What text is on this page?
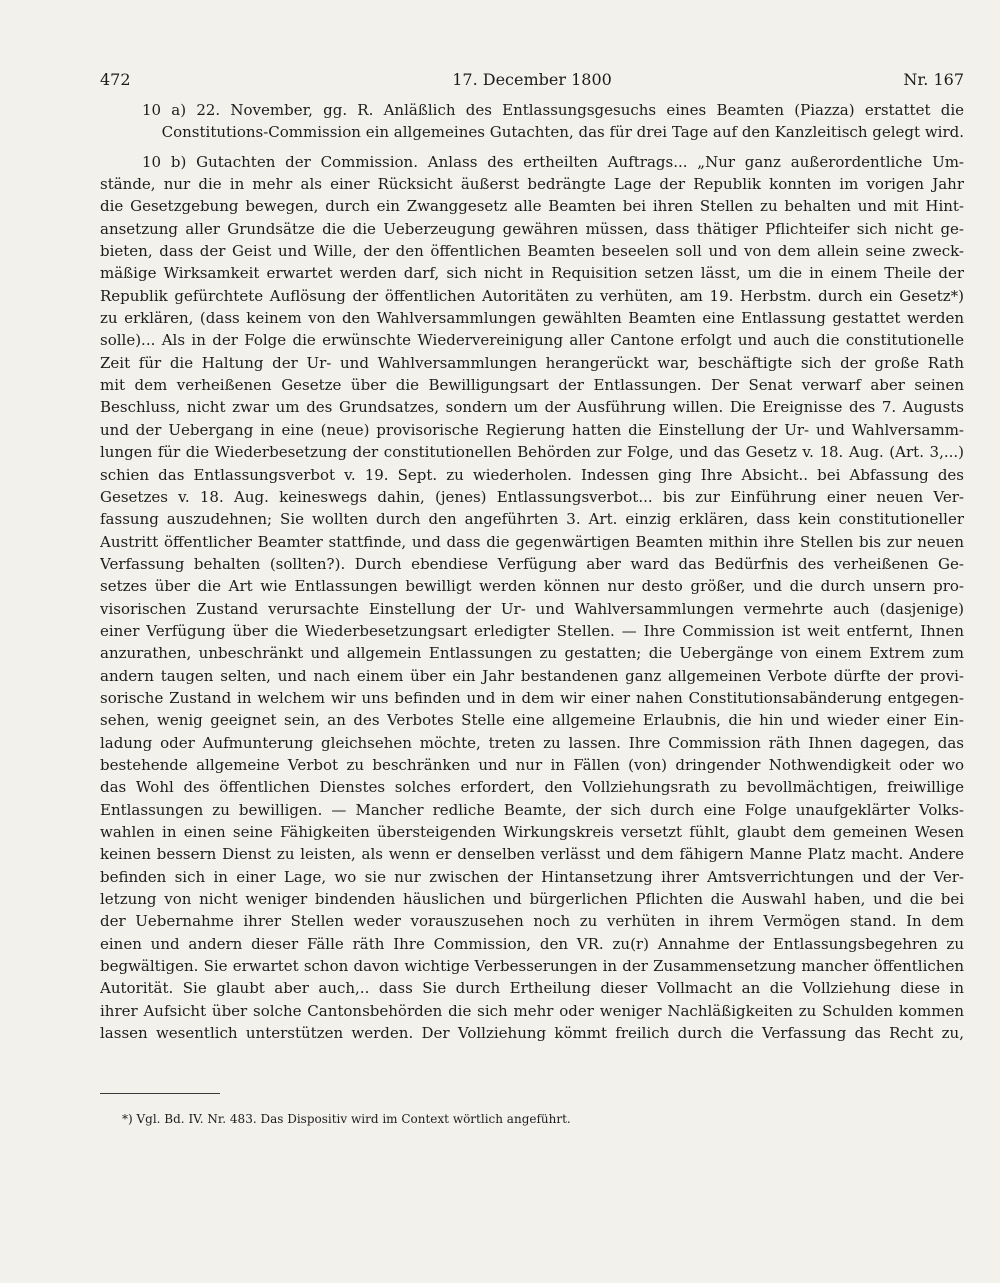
472	17. December 1800	Nr. 167
10 a) 22. November, gg. R. Anläßlich des Entlassungsgesuchs eines Beamten (Piazza) erstattet die
Constitutions-Commission ein allgemeines Gutachten, das für drei Tage auf den Kanzleitisch gelegt wird.
10 b) Gutachten der Commission. Anlass des ertheilten Auftrags... „Nur ganz außerordentliche Um-
stände, nur die in mehr als einer Rücksicht äußerst bedrängte Lage der Republik konnten im vorigen Jahr
die Gesetzgebung bewegen, durch ein Zwanggesetz alle Beamten bei ihren Stellen zu behalten und mit Hint-
ansetzung aller Grundsätze die die Ueberzeugung gewähren müssen, dass thätiger Pflichteifer sich nicht ge-
bieten, dass der Geist und Wille, der den öffentlichen Beamten beseelen soll und von dem allein seine zweck-
mäßige Wirksamkeit erwartet werden darf, sich nicht in Requisition setzen lässt, um die in einem Theile der
Republik gefürchtete Auflösung der öffentlichen Autoritäten zu verhüten, am 19. Herbstm. durch ein Gesetz*)
zu erklären, (dass keinem von den Wahlversammlungen gewählten Beamten eine Entlassung gestattet werden
solle)... Als in der Folge die erwünschte Wiedervereinigung aller Cantone erfolgt und auch die constitutionelle
Zeit für die Haltung der Ur- und Wahlversammlungen herangerückt war, beschäftigte sich der große Rath
mit dem verheißenen Gesetze über die Bewilligungsart der Entlassungen. Der Senat verwarf aber seinen
Beschluss, nicht zwar um des Grundsatzes, sondern um der Ausführung willen. Die Ereignisse des 7. Augusts
und der Uebergang in eine (neue) provisorische Regierung hatten die Einstellung der Ur- und Wahlversamm-
lungen für die Wiederbesetzung der constitutionellen Behörden zur Folge, und das Gesetz v. 18. Aug. (Art. 3,...)
schien das Entlassungsverbot v. 19. Sept. zu wiederholen. Indessen ging Ihre Absicht.. bei Abfassung des
Gesetzes v. 18. Aug. keineswegs dahin, (jenes) Entlassungsverbot... bis zur Einführung einer neuen Ver-
fassung auszudehnen; Sie wollten durch den angeführten 3. Art. einzig erklären, dass kein constitutioneller
Austritt öffentlicher Beamter stattfinde, und dass die gegenwärtigen Beamten mithin ihre Stellen bis zur neuen
Verfassung behalten (sollten?). Durch ebendiese Verfügung aber ward das Bedürfnis des verheißenen Ge-
setzes über die Art wie Entlassungen bewilligt werden können nur desto größer, und die durch unsern pro-
visorischen Zustand verursachte Einstellung der Ur- und Wahlversammlungen vermehrte auch (dasjenige)
einer Verfügung über die Wiederbesetzungsart erledigter Stellen. — Ihre Commission ist weit entfernt, Ihnen
anzurathen, unbeschränkt und allgemein Entlassungen zu gestatten; die Uebergänge von einem Extrem zum
andern taugen selten, und nach einem über ein Jahr bestandenen ganz allgemeinen Verbote dürfte der provi-
sorische Zustand in welchem wir uns befinden und in dem wir einer nahen Constitutionsabänderung entgegen-
sehen, wenig geeignet sein, an des Verbotes Stelle eine allgemeine Erlaubnis, die hin und wieder einer Ein-
ladung oder Aufmunterung gleichsehen möchte, treten zu lassen. Ihre Commission räth Ihnen dagegen, das
bestehende allgemeine Verbot zu beschränken und nur in Fällen (von) dringender Nothwendigkeit oder wo
das Wohl des öffentlichen Dienstes solches erfordert, den Vollziehungsrath zu bevollmächtigen, freiwillige
Entlassungen zu bewilligen. — Mancher redliche Beamte, der sich durch eine Folge unaufgeklärter Volks-
wahlen in einen seine Fähigkeiten übersteigenden Wirkungskreis versetzt fühlt, glaubt dem gemeinen Wesen
keinen bessern Dienst zu leisten, als wenn er denselben verlässt und dem fähigern Manne Platz macht. Andere
befinden sich in einer Lage, wo sie nur zwischen der Hintansetzung ihrer Amtsverrichtungen und der Ver-
letzung von nicht weniger bindenden häuslichen und bürgerlichen Pflichten die Auswahl haben, und die bei
der Uebernahme ihrer Stellen weder vorauszusehen noch zu verhüten in ihrem Vermögen stand. In dem
einen und andern dieser Fälle räth Ihre Commission, den VR. zu(r) Annahme der Entlassungsbegehren zu
begwältigen. Sie erwartet schon davon wichtige Verbesserungen in der Zusammensetzung mancher öffentlichen
Autorität. Sie glaubt aber auch,.. dass Sie durch Ertheilung dieser Vollmacht an die Vollziehung diese in
ihrer Aufsicht über solche Cantonsbehörden die sich mehr oder weniger Nachläßigkeiten zu Schulden kommen
lassen wesentlich unterstützen werden. Der Vollziehung kömmt freilich durch die Verfassung das Recht zu,
*) Vgl. Bd. IV. Nr. 483. Das Dispositiv wird im Context wörtlich angeführt.
